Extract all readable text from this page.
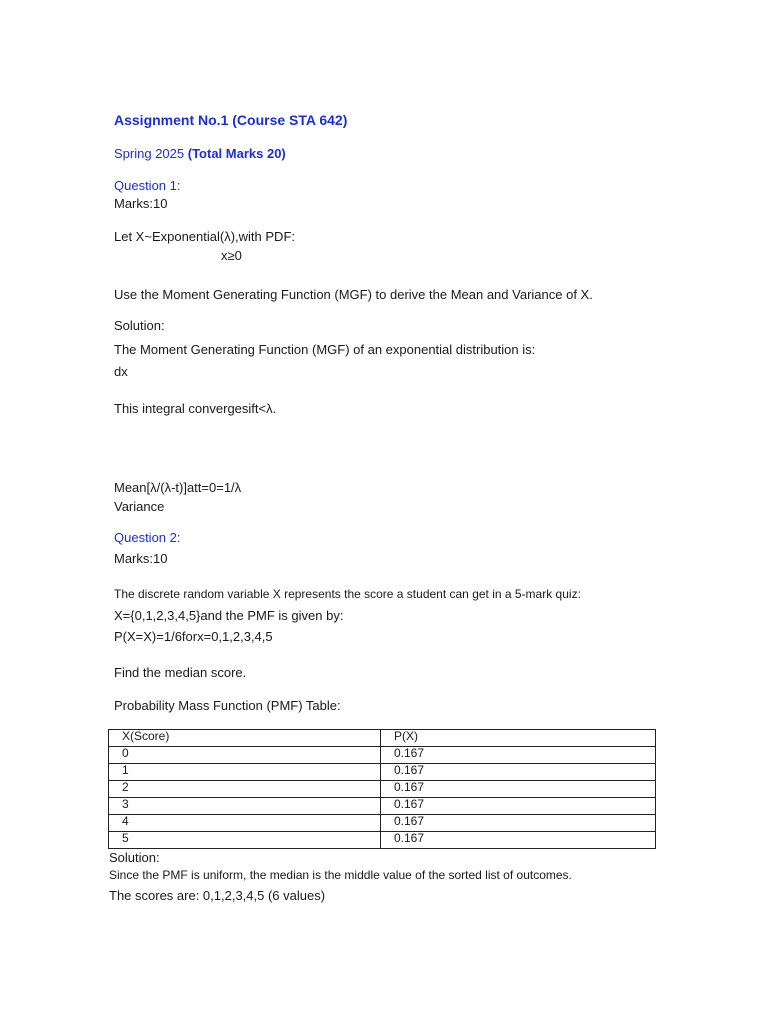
Assignment No.1 (Course STA 642)
Spring 2025 (Total Marks 20)
Question 1:
Marks:10
Let X~Exponential(λ),with PDF:
x≥0
Use the Moment Generating Function (MGF) to derive the Mean and Variance of X.
Solution:
The Moment Generating Function (MGF) of an exponential distribution is:
dx
This integral convergesift<λ.
Mean[λ/(λ-t)]att=0=1/λ
Variance
Question 2:
Marks:10
The discrete random variable X represents the score a student can get in a 5-mark quiz:
X={0,1,2,3,4,5}and the PMF is given by:
P(X=X)=1/6forx=0,1,2,3,4,5
Find the median score.
Probability Mass Function (PMF) Table:
X(Score)	P(X)
0	0.167
1	0.167
2	0.167
3	0.167
4	0.167
5	0.167
Solution:
Since the PMF is uniform, the median is the middle value of the sorted list of outcomes.
The scores are: 0,1,2,3,4,5 (6 values)
